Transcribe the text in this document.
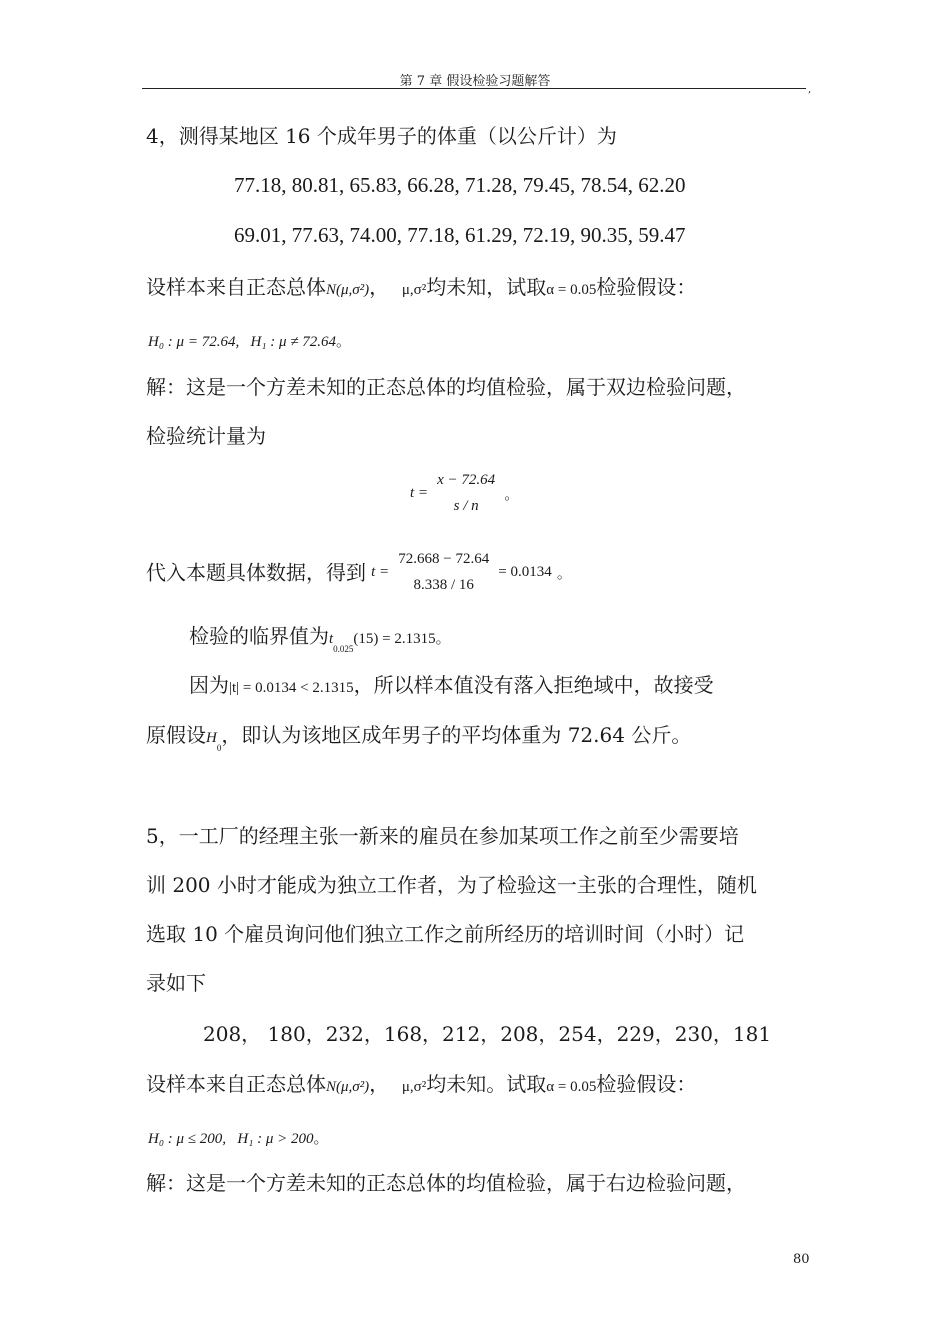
第 7 章 假设检验习题解答
,
4，测得某地区 16 个成年男子的体重（以公斤计）为
77.18, 80.81, 65.83, 66.28, 71.28, 79.45, 78.54, 62.20
69.01, 77.63, 74.00, 77.18, 61.29, 72.19, 90.35, 59.47
设样本来自正态总体N(μ,σ²)， μ,σ²均未知，试取α = 0.05检验假设：
H₀ : μ = 72.64, H₁ : μ ≠ 72.64。
解：这是一个方差未知的正态总体的均值检验，属于双边检验问题，
检验统计量为
t =
x − 72.64
s / n
。
代入本题具体数据，得到 t =
72.668 − 72.64
8.338 / 16
= 0.0134 。
检验的临界值为$t_{0.025}(15) = 2.1315$。
因为|t| = 0.0134 < 2.1315，所以样本值没有落入拒绝域中，故接受
原假设$H_0$，即认为该地区成年男子的平均体重为 72.64 公斤。
5，一工厂的经理主张一新来的雇员在参加某项工作之前至少需要培
训 200 小时才能成为独立工作者，为了检验这一主张的合理性，随机
选取 10 个雇员询问他们独立工作之前所经历的培训时间（小时）记
录如下
208， 180，232，168，212，208，254，229，230，181
设样本来自正态总体N(μ,σ²)， μ,σ²均未知。试取α = 0.05检验假设：
H₀ : μ ≤ 200, H₁ : μ > 200。
解：这是一个方差未知的正态总体的均值检验，属于右边检验问题，
80
